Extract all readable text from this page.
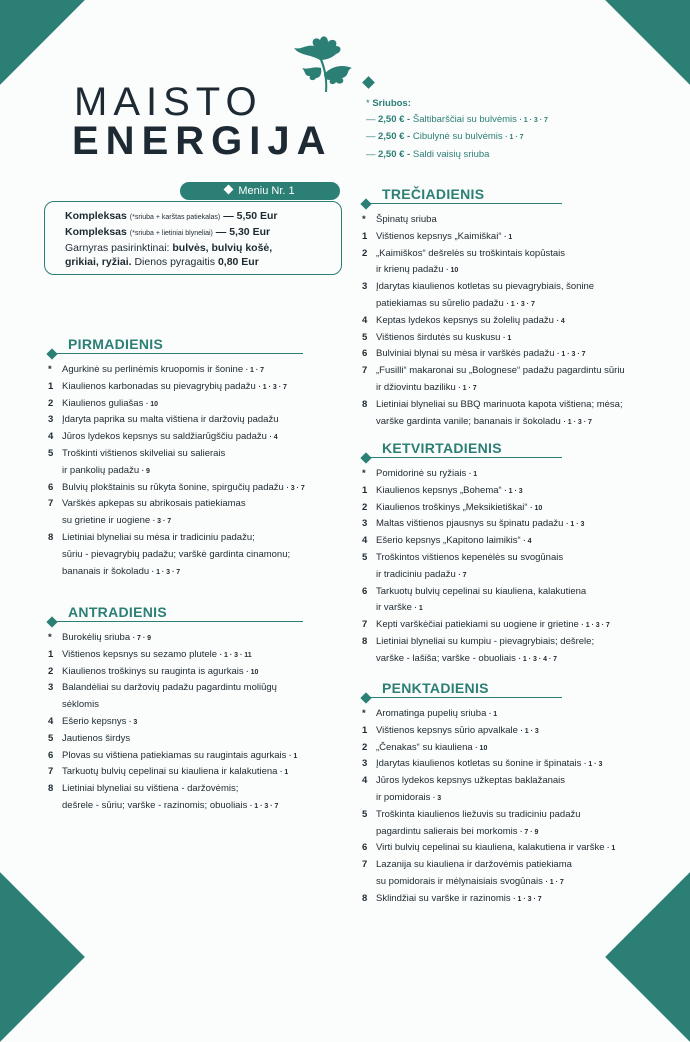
MAISTO
ENERGIJA
Meniu Nr. 1
Kompleksas (*sriuba + karštas patiekalas) — 5,50 Eur
Kompleksas (*sriuba + lietiniai blyneliai) — 5,30 Eur
Garnyras pasirinktinai: bulvės, bulvių košė,
grikiai, ryžiai. Dienos pyragaitis 0,80 Eur
* Sriubos:
— 2,50 € - Šaltibarščiai su bulvėmis · 1 · 3 · 7
— 2,50 € - Cibulynė su bulvėmis · 1 · 7
— 2,50 € - Saldi vaisių sriuba
PIRMADIENIS
* Agurkinė su perlinėmis kruopomis ir šonine · 1 · 7
1 Kiaulienos karbonadas su pievagrybių padažu · 1 · 3 · 7
2 Kiaulienos guliašas · 10
3 Įdaryta paprika su malta vištiena ir daržovių padažu
4 Jūros lydekos kepsnys su saldžiarūgščiu padažu · 4
5 Troškinti vištienos skilveliai su salierais
ir pankolių padažu · 9
6 Bulvių plokštainis su rūkyta šonine, spirgučių padažu · 3 · 7
7 Varškės apkepas su abrikosais patiekiamas
su grietine ir uogiene · 3 · 7
8 Lietiniai blyneliai su mėsa ir tradiciniu padažu;
sūriu - pievagrybių padažu; varškė gardinta cinamonu;
bananais ir šokoladu · 1 · 3 · 7
ANTRADIENIS
* Burokėlių sriuba · 7 · 9
1 Vištienos kepsnys su sezamo plutele · 1 · 3 · 11
2 Kiaulienos troškinys su rauginta is agurkais · 10
3 Balandėliai su daržovių padažu pagardintu moliūgų
sėklomis
4 Ešerio kepsnys · 3
5 Jautienos širdys
6 Plovas su vištiena patiekiamas su raugintais agurkais · 1
7 Tarkuotų bulvių cepelinai su kiauliena ir kalakutiena · 1
8 Lietiniai blyneliai su vištiena - daržovėmis;
dešrele - sūriu; varške - razinomis; obuoliais · 1 · 3 · 7
TREČIADIENIS
* Špinatų sriuba
1 Vištienos kepsnys „Kaimiškai“ · 1
2 „Kaimiškos“ dešrelės su troškintais kopūstais
ir krienų padažu · 10
3 Įdarytas kiaulienos kotletas su pievagrybiais, šonine
patiekiamas su sūrelio padažu · 1 · 3 · 7
4 Keptas lydekos kepsnys su žolelių padažu · 4
5 Vištienos širdutės su kuskusu · 1
6 Bulviniai blynai su mėsa ir varškės padažu · 1 · 3 · 7
7 „Fusilli“ makaronai su „Bolognese“ padažu pagardintu sūriu
ir džiovintu baziliku · 1 · 7
8 Lietiniai blyneliai su BBQ marinuota kapota vištiena; mėsa;
varške gardinta vanile; bananais ir šokoladu · 1 · 3 · 7
KETVIRTADIENIS
* Pomidorinė su ryžiais · 1
1 Kiaulienos kepsnys „Bohema“ · 1 · 3
2 Kiaulienos troškinys „Meksikietiškai“ · 10
3 Maltas vištienos pjausnys su špinatu padažu · 1 · 3
4 Ešerio kepsnys „Kapitono laimikis“ · 4
5 Troškintos vištienos kepenėlės su svogūnais
ir tradiciniu padažu · 7
6 Tarkuotų bulvių cepelinai su kiauliena, kalakutiena
ir varške · 1
7 Kepti varškėčiai patiekiami su uogiene ir grietine · 1 · 3 · 7
8 Lietiniai blyneliai su kumpiu - pievagrybiais; dešrele;
varške - lašiša; varške - obuoliais · 1 · 3 · 4 · 7
PENKTADIENIS
* Aromatinga pupelių sriuba · 1
1 Vištienos kepsnys sūrio apvalkale · 1 · 3
2 „Čenakas“ su kiauliena · 10
3 Įdarytas kiaulienos kotletas su šonine ir špinatais · 1 · 3
4 Jūros lydekos kepsnys užkeptas baklažanais
ir pomidorais · 3
5 Troškinta kiaulienos liežuvis su tradiciniu padažu
pagardintu salierais bei morkomis · 7 · 9
6 Virti bulvių cepelinai su kiauliena, kalakutiena ir varške · 1
7 Lazanija su kiauliena ir daržovėmis patiekiama
su pomidorais ir mėlynaisiais svogūnais · 1 · 7
8 Sklindžiai su varške ir razinomis · 1 · 3 · 7
